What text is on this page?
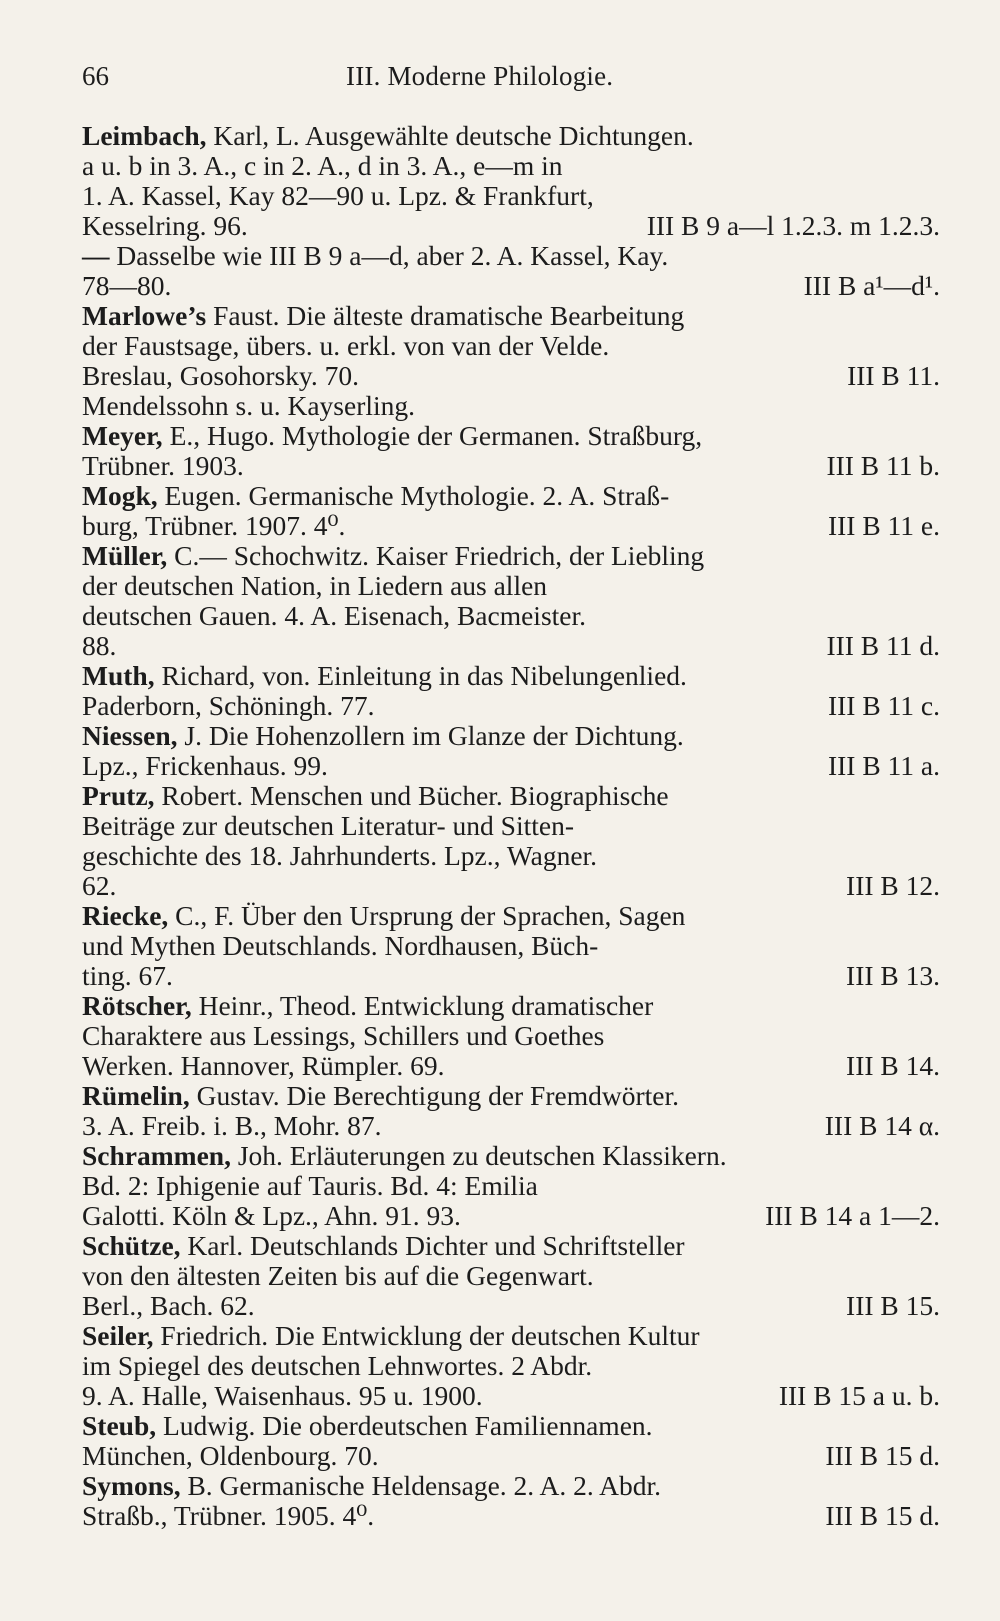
66	III. Moderne Philologie.
Leimbach, Karl, L. Ausgewählte deutsche Dichtungen.
a u. b in 3. A., c in 2. A., d in 3. A., e—m in
1. A. Kassel, Kay 82—90 u. Lpz. & Frankfurt,
Kesselring. 96.	III B 9 a—l 1.2.3. m 1.2.3.
— Dasselbe wie III B 9 a—d, aber 2. A. Kassel, Kay.
78—80.	III B a¹—d¹.
Marlowe’s Faust. Die älteste dramatische Bearbeitung
der Faustsage, übers. u. erkl. von van der Velde.
Breslau, Gosohorsky. 70.	III B 11.
Mendelssohn s. u. Kayserling.
Meyer, E., Hugo. Mythologie der Germanen. Straßburg,
Trübner. 1903.	III B 11 b.
Mogk, Eugen. Germanische Mythologie. 2. A. Straß-
burg, Trübner. 1907. 4⁰.	III B 11 e.
Müller, C.— Schochwitz. Kaiser Friedrich, der Liebling
der deutschen Nation, in Liedern aus allen
deutschen Gauen. 4. A. Eisenach, Bacmeister.
88.	III B 11 d.
Muth, Richard, von. Einleitung in das Nibelungenlied.
Paderborn, Schöningh. 77.	III B 11 c.
Niessen, J. Die Hohenzollern im Glanze der Dichtung.
Lpz., Frickenhaus. 99.	III B 11 a.
Prutz, Robert. Menschen und Bücher. Biographische
Beiträge zur deutschen Literatur- und Sitten-
geschichte des 18. Jahrhunderts. Lpz., Wagner.
62.	III B 12.
Riecke, C., F. Über den Ursprung der Sprachen, Sagen
und Mythen Deutschlands. Nordhausen, Büch-
ting. 67.	III B 13.
Rötscher, Heinr., Theod. Entwicklung dramatischer
Charaktere aus Lessings, Schillers und Goethes
Werken. Hannover, Rümpler. 69.	III B 14.
Rümelin, Gustav. Die Berechtigung der Fremdwörter.
3. A. Freib. i. B., Mohr. 87.	III B 14 α.
Schrammen, Joh. Erläuterungen zu deutschen Klassikern.
Bd. 2: Iphigenie auf Tauris. Bd. 4: Emilia
Galotti. Köln & Lpz., Ahn. 91. 93.	III B 14 a 1—2.
Schütze, Karl. Deutschlands Dichter und Schriftsteller
von den ältesten Zeiten bis auf die Gegenwart.
Berl., Bach. 62.	III B 15.
Seiler, Friedrich. Die Entwicklung der deutschen Kultur
im Spiegel des deutschen Lehnwortes. 2 Abdr.
9. A. Halle, Waisenhaus. 95 u. 1900.	III B 15 a u. b.
Steub, Ludwig. Die oberdeutschen Familiennamen.
München, Oldenbourg. 70.	III B 15 d.
Symons, B. Germanische Heldensage. 2. A. 2. Abdr.
Straßb., Trübner. 1905. 4⁰.	III B 15 d.
